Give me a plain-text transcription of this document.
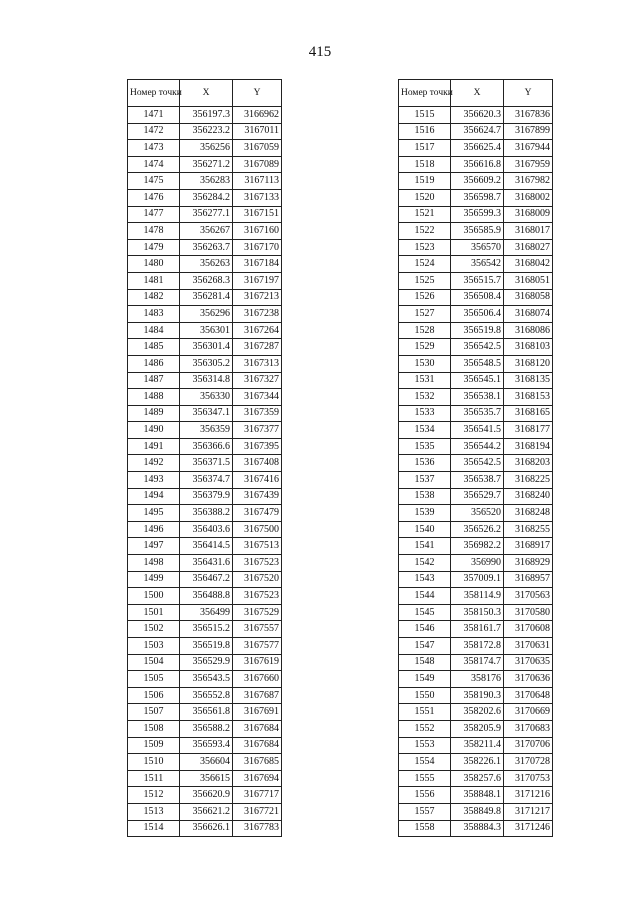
415
Номер точки	X	Y
1471	356197.3	3166962
1472	356223.2	3167011
1473	356256	3167059
1474	356271.2	3167089
1475	356283	3167113
1476	356284.2	3167133
1477	356277.1	3167151
1478	356267	3167160
1479	356263.7	3167170
1480	356263	3167184
1481	356268.3	3167197
1482	356281.4	3167213
1483	356296	3167238
1484	356301	3167264
1485	356301.4	3167287
1486	356305.2	3167313
1487	356314.8	3167327
1488	356330	3167344
1489	356347.1	3167359
1490	356359	3167377
1491	356366.6	3167395
1492	356371.5	3167408
1493	356374.7	3167416
1494	356379.9	3167439
1495	356388.2	3167479
1496	356403.6	3167500
1497	356414.5	3167513
1498	356431.6	3167523
1499	356467.2	3167520
1500	356488.8	3167523
1501	356499	3167529
1502	356515.2	3167557
1503	356519.8	3167577
1504	356529.9	3167619
1505	356543.5	3167660
1506	356552.8	3167687
1507	356561.8	3167691
1508	356588.2	3167684
1509	356593.4	3167684
1510	356604	3167685
1511	356615	3167694
1512	356620.9	3167717
1513	356621.2	3167721
1514	356626.1	3167783
Номер точки	X	Y
1515	356620.3	3167836
1516	356624.7	3167899
1517	356625.4	3167944
1518	356616.8	3167959
1519	356609.2	3167982
1520	356598.7	3168002
1521	356599.3	3168009
1522	356585.9	3168017
1523	356570	3168027
1524	356542	3168042
1525	356515.7	3168051
1526	356508.4	3168058
1527	356506.4	3168074
1528	356519.8	3168086
1529	356542.5	3168103
1530	356548.5	3168120
1531	356545.1	3168135
1532	356538.1	3168153
1533	356535.7	3168165
1534	356541.5	3168177
1535	356544.2	3168194
1536	356542.5	3168203
1537	356538.7	3168225
1538	356529.7	3168240
1539	356520	3168248
1540	356526.2	3168255
1541	356982.2	3168917
1542	356990	3168929
1543	357009.1	3168957
1544	358114.9	3170563
1545	358150.3	3170580
1546	358161.7	3170608
1547	358172.8	3170631
1548	358174.7	3170635
1549	358176	3170636
1550	358190.3	3170648
1551	358202.6	3170669
1552	358205.9	3170683
1553	358211.4	3170706
1554	358226.1	3170728
1555	358257.6	3170753
1556	358848.1	3171216
1557	358849.8	3171217
1558	358884.3	3171246
